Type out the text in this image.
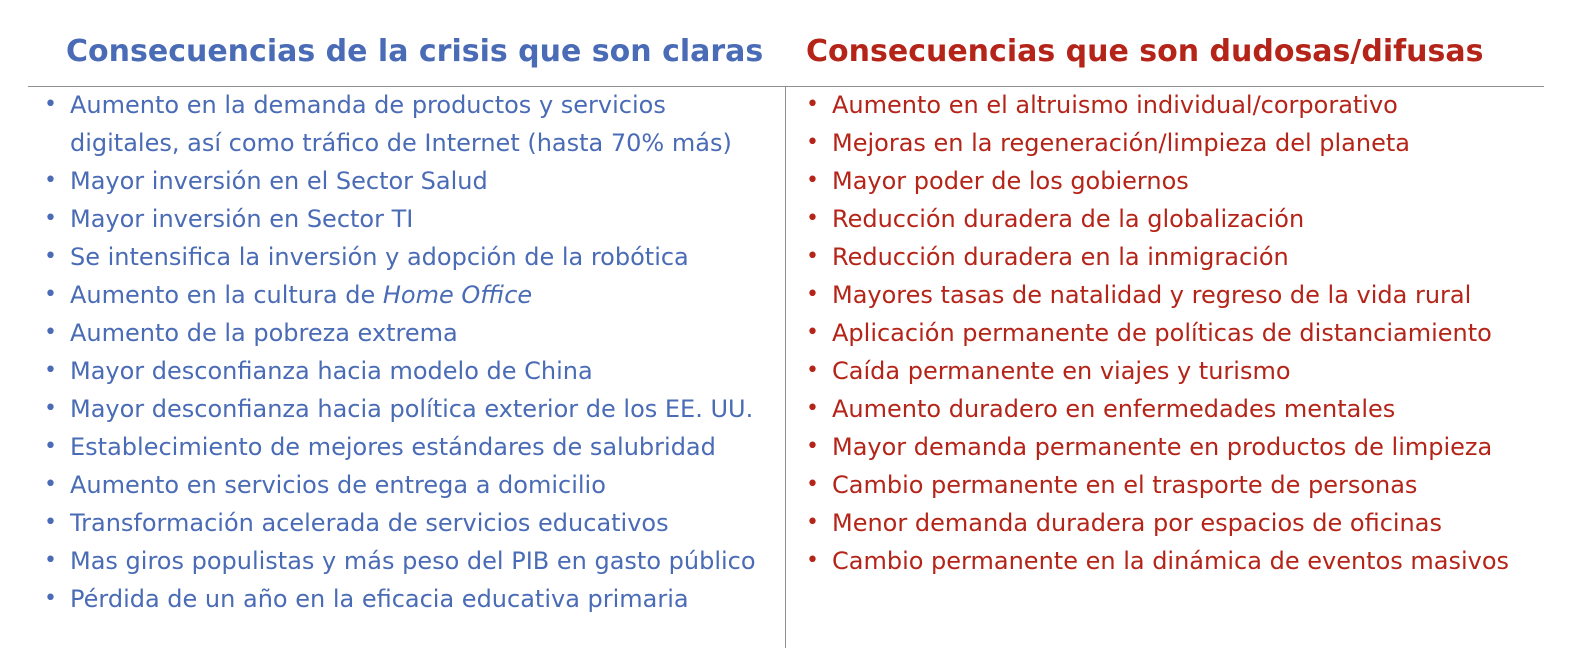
Consecuencias de la crisis que son claras Consecuencias que son dudosas/difusas
• Aumento en la demanda de productos y servicios
digitales, así como tráfico de Internet (hasta 70% más)
• Mayor inversión en el Sector Salud
• Mayor inversión en Sector TI
• Se intensifica la inversión y adopción de la robótica
• Aumento en la cultura de Home Office
• Aumento de la pobreza extrema
• Mayor desconfianza hacia modelo de China
• Mayor desconfianza hacia política exterior de los EE. UU.
• Establecimiento de mejores estándares de salubridad
• Aumento en servicios de entrega a domicilio
• Transformación acelerada de servicios educativos
• Mas giros populistas y más peso del PIB en gasto público
• Pérdida de un año en la eficacia educativa primaria
• Aumento en el altruismo individual/corporativo
• Mejoras en la regeneración/limpieza del planeta
• Mayor poder de los gobiernos
• Reducción duradera de la globalización
• Reducción duradera en la inmigración
• Mayores tasas de natalidad y regreso de la vida rural
• Aplicación permanente de políticas de distanciamiento
• Caída permanente en viajes y turismo
• Aumento duradero en enfermedades mentales
• Mayor demanda permanente en productos de limpieza
• Cambio permanente en el trasporte de personas
• Menor demanda duradera por espacios de oficinas
• Cambio permanente en la dinámica de eventos masivos
